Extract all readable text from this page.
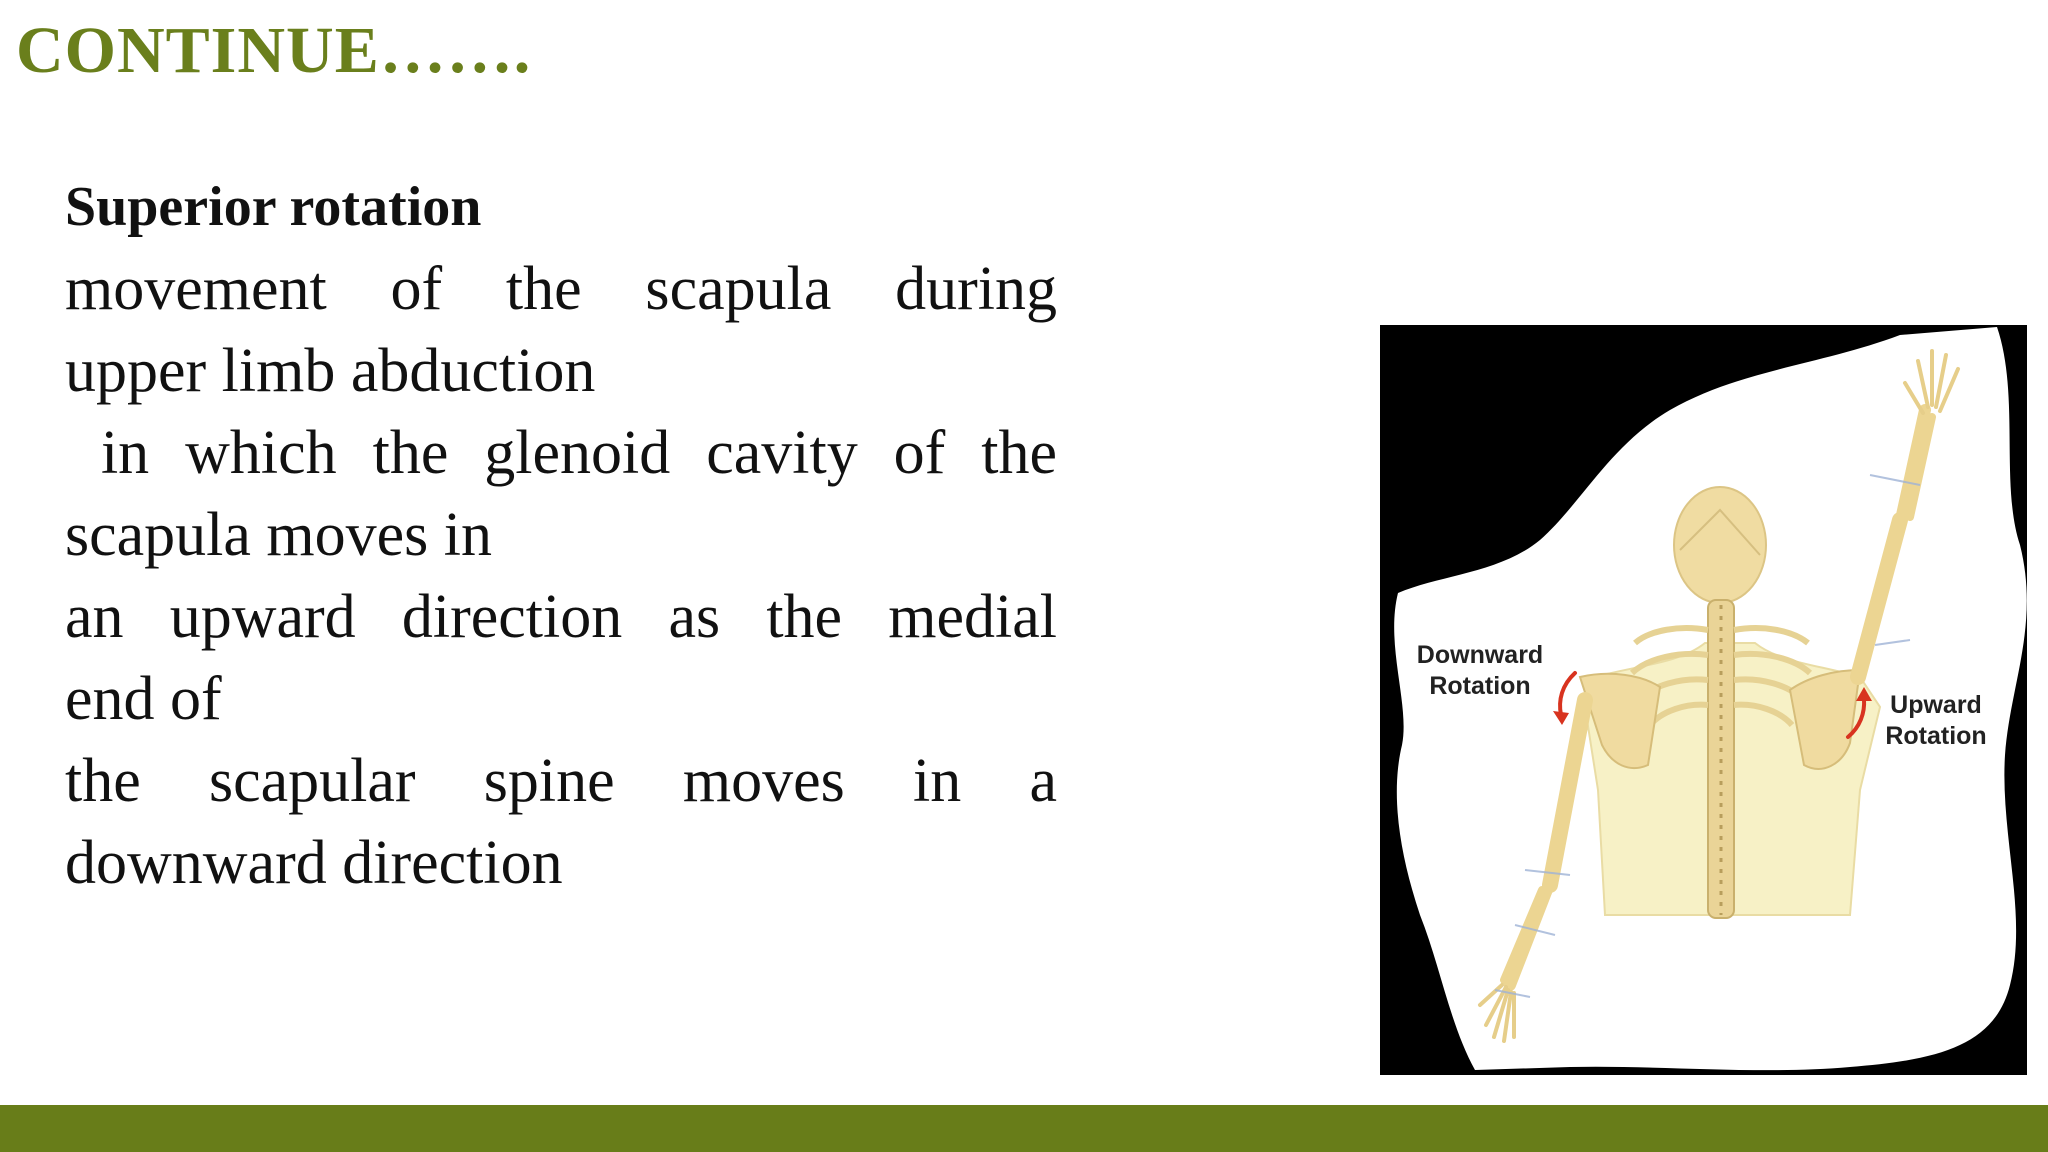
CONTINUE…….

Superior rotation

movement of the scapula during

upper limb abduction

in which the glenoid cavity of the

scapula moves in

an upward direction as the medial

end of

the scapular spine moves in a

downward direction

Downward
Rotation
Upward
Rotation
